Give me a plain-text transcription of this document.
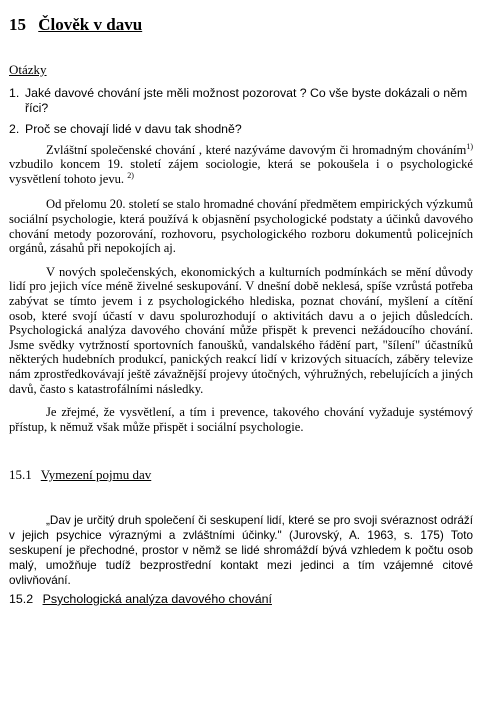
15 Člověk v davu
Otázky
1. Jaké davové chování jste měli možnost pozorovat ? Co vše byste dokázali o něm říci?
2. Proč se chovají lidé v davu tak shodně?

Zvláštní společenské chování , které nazýváme davovým či hromadným chováním$^{1)}$ vzbudilo koncem 19. století zájem sociologie, která se pokoušela i o psychologické vysvětlení tohoto jevu. $^{2)}$

Od přelomu 20. století se stalo hromadné chování předmětem empirických výzkumů sociální psychologie, která používá k objasnění psychologické podstaty a účinků davového chování metody pozorování, rozhovoru, psychologického rozboru dokumentů policejních orgánů, zásahů při nepokojích aj.

V nových společenských, ekonomických a kulturních podmínkách se mění důvody lidí pro jejich více méně živelné seskupování. V dnešní době neklesá, spíše vzrůstá potřeba zabývat se tímto jevem i z psychologického hlediska, poznat chování, myšlení a cítění osob, které svojí účastí v davu spolurozhodují o aktivitách davu a o jejich důsledcích. Psychologická analýza davového chování může přispět k prevenci nežádoucího chování. Jsme svědky vytržností sportovních fanoušků, vandalského řádění part, "šílení" účastníků některých hudebních produkcí, panických reakcí lidí v krizových situacích, záběry televize nám zprostředkovávají ještě závažnější projevy útočných, výhružných, rebelujících a jiných davů, často s katastrofálními následky.

Je zřejmé, že vysvětlení, a tím i prevence, takového chování vyžaduje systémový přístup, k němuž však může přispět i sociální psychologie.

15.1 Vymezení pojmu dav

„Dav je určitý druh společení či seskupení lidí, které se pro svoji svéraznost odráží v jejich psychice výraznými a zvláštními účinky." (Jurovský, A. 1963, s. 175) Toto seskupení je přechodné, prostor v němž se lidé shromáždí bývá vzhledem k počtu osob malý, umožňuje tudíž bezprostřední kontakt mezi jedinci a tím vzájemné citové ovlivňování.

15.2 Psychologická analýza davového chování
